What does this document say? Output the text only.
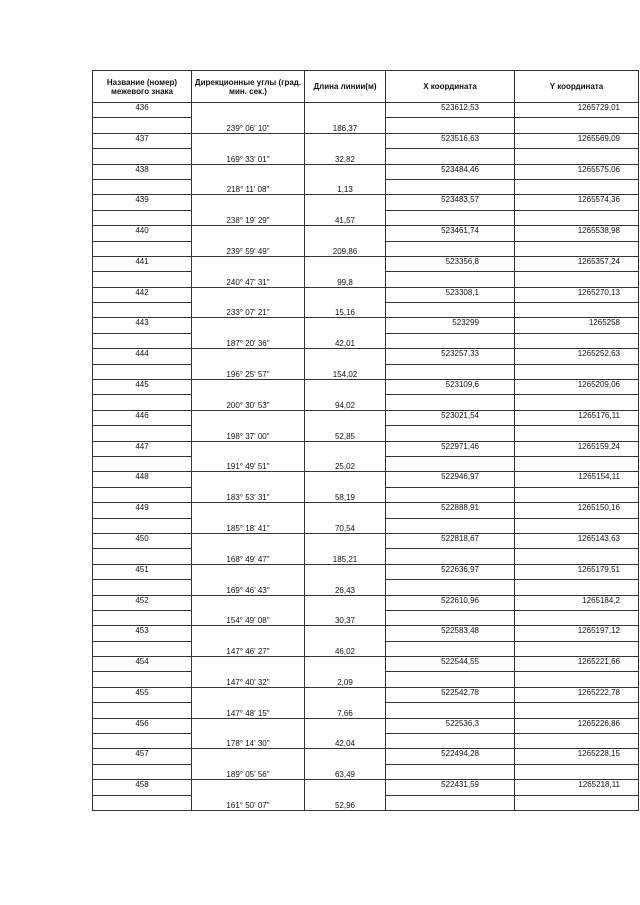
Название (номер) межевого знака	Дирекционные углы (град. мин. сек.)	Длина линии(м)	X координата	Y координата
436			523612,53	1265729,01
	239° 06' 10"	186,37		
437			523516,63	1265569,09
	169° 33' 01"	32,82		
438			523484,46	1265575,06
	218° 11' 08"	1,13		
439			523483,57	1265574,36
	238° 19' 29"	41,57		
440			523461,74	1265538,98
	239° 59' 49"	209,86		
441			523356,8	1265357,24
	240° 47' 31"	99,8		
442			523308,1	1265270,13
	233° 07' 21"	15,16		
443			523299	1265258
	187° 20' 36"	42,01		
444			523257,33	1265252,63
	196° 25' 57"	154,02		
445			523109,6	1265209,06
	200° 30' 53"	94,02		
446			523021,54	1265176,11
	198° 37' 00"	52,85		
447			522971,46	1265159,24
	191° 49' 51"	25,02		
448			522946,97	1265154,11
	183° 53' 31"	58,19		
449			522888,91	1265150,16
	185° 18' 41"	70,54		
450			522818,67	1265143,63
	168° 49' 47"	185,21		
451			522636,97	1265179,51
	169° 46' 43"	26,43		
452			522610,96	1265184,2
	154° 49' 08"	30,37		
453			522583,48	1265197,12
	147° 46' 27"	46,02		
454			522544,55	1265221,66
	147° 40' 32"	2,09		
455			522542,78	1265222,78
	147° 48' 15"	7,66		
456			522536,3	1265226,86
	178° 14' 30"	42,04		
457			522494,28	1265228,15
	189° 05' 56"	63,49		
458			522431,59	1265218,11
	161° 50' 07"	52,96		
